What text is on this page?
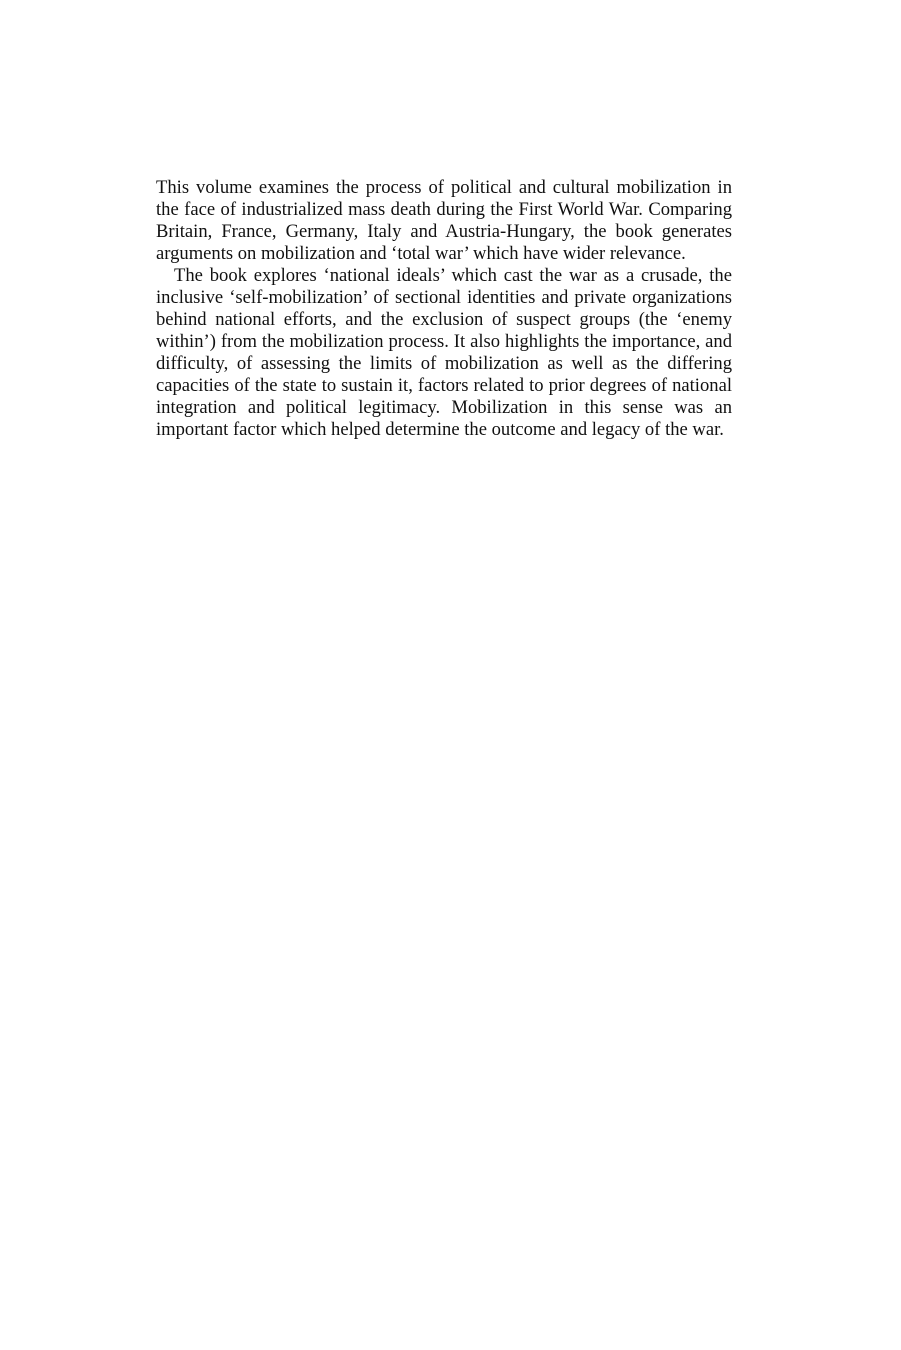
This volume examines the process of political and cultural mobilization in the face of industrialized mass death during the First World War. Comparing Britain, France, Germany, Italy and Austria-Hungary, the book generates arguments on mobilization and ‘total war’ which have wider relevance.

The book explores ‘national ideals’ which cast the war as a crusade, the inclusive ‘self-mobilization’ of sectional identities and private organizations behind national efforts, and the exclusion of suspect groups (the ‘enemy within’) from the mobilization process. It also highlights the importance, and difficulty, of assessing the limits of mobilization as well as the differing capacities of the state to sustain it, factors related to prior degrees of national integration and political legitimacy. Mobilization in this sense was an important factor which helped determine the outcome and legacy of the war.
